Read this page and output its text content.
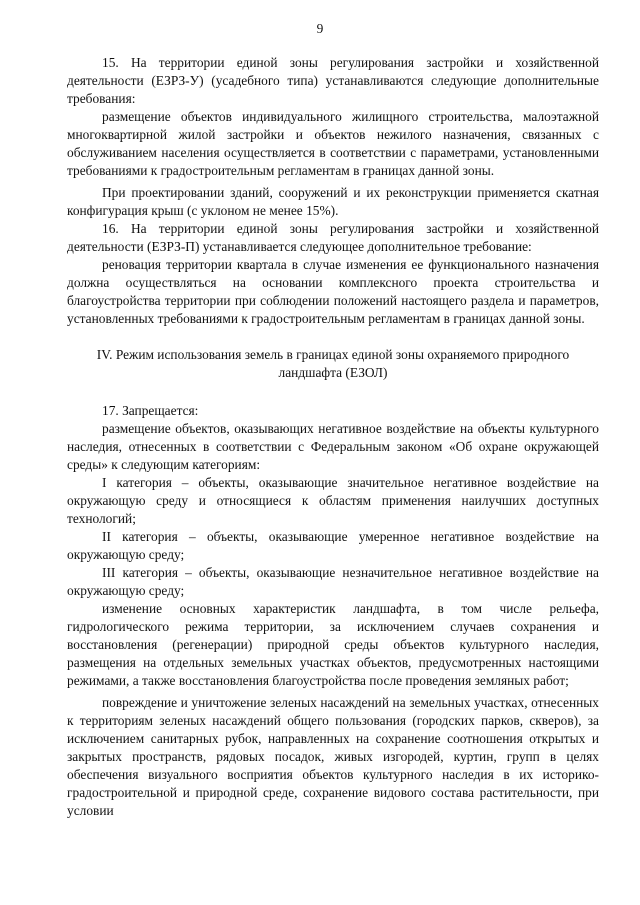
9

15. На территории единой зоны регулирования застройки и хозяйственной деятельности (ЕЗРЗ-У) (усадебного типа) устанавливаются следующие дополнительные требования:

размещение объектов индивидуального жилищного строительства, малоэтажной многоквартирной жилой застройки и объектов нежилого назначения, связанных с обслуживанием населения осуществляется в соответствии с параметрами, установленными требованиями к градостроительным регламентам в границах данной зоны.

При проектировании зданий, сооружений и их реконструкции применяется скатная конфигурация крыш (с уклоном не менее 15%).

16. На территории единой зоны регулирования застройки и хозяйственной деятельности (ЕЗРЗ-П) устанавливается следующее дополнительное требование:

реновация территории квартала в случае изменения ее функционального назначения должна осуществляться на основании комплексного проекта строительства и благоустройства территории при соблюдении положений настоящего раздела и параметров, установленных требованиями к градостроительным регламентам в границах данной зоны.

IV. Режим использования земель в границах единой зоны охраняемого природного ландшафта (ЕЗОЛ)

17. Запрещается:

размещение объектов, оказывающих негативное воздействие на объекты культурного наследия, отнесенных в соответствии с Федеральным законом «Об охране окружающей среды» к следующим категориям:

I категория – объекты, оказывающие значительное негативное воздействие на окружающую среду и относящиеся к областям применения наилучших доступных технологий;

II категория – объекты, оказывающие умеренное негативное воздействие на окружающую среду;

III категория – объекты, оказывающие незначительное негативное воздействие на окружающую среду;

изменение основных характеристик ландшафта, в том числе рельефа, гидрологического режима территории, за исключением случаев сохранения и восстановления (регенерации) природной среды объектов культурного наследия, размещения на отдельных земельных участках объектов, предусмотренных настоящими режимами, а также восстановления благоустройства после проведения земляных работ;

повреждение и уничтожение зеленых насаждений на земельных участках, отнесенных к территориям зеленых насаждений общего пользования (городских парков, скверов), за исключением санитарных рубок, направленных на сохранение соотношения открытых и закрытых пространств, рядовых посадок, живых изгородей, куртин, групп в целях обеспечения визуального восприятия объектов культурного наследия в их историко-градостроительной и природной среде, сохранение видового состава растительности, при условии
